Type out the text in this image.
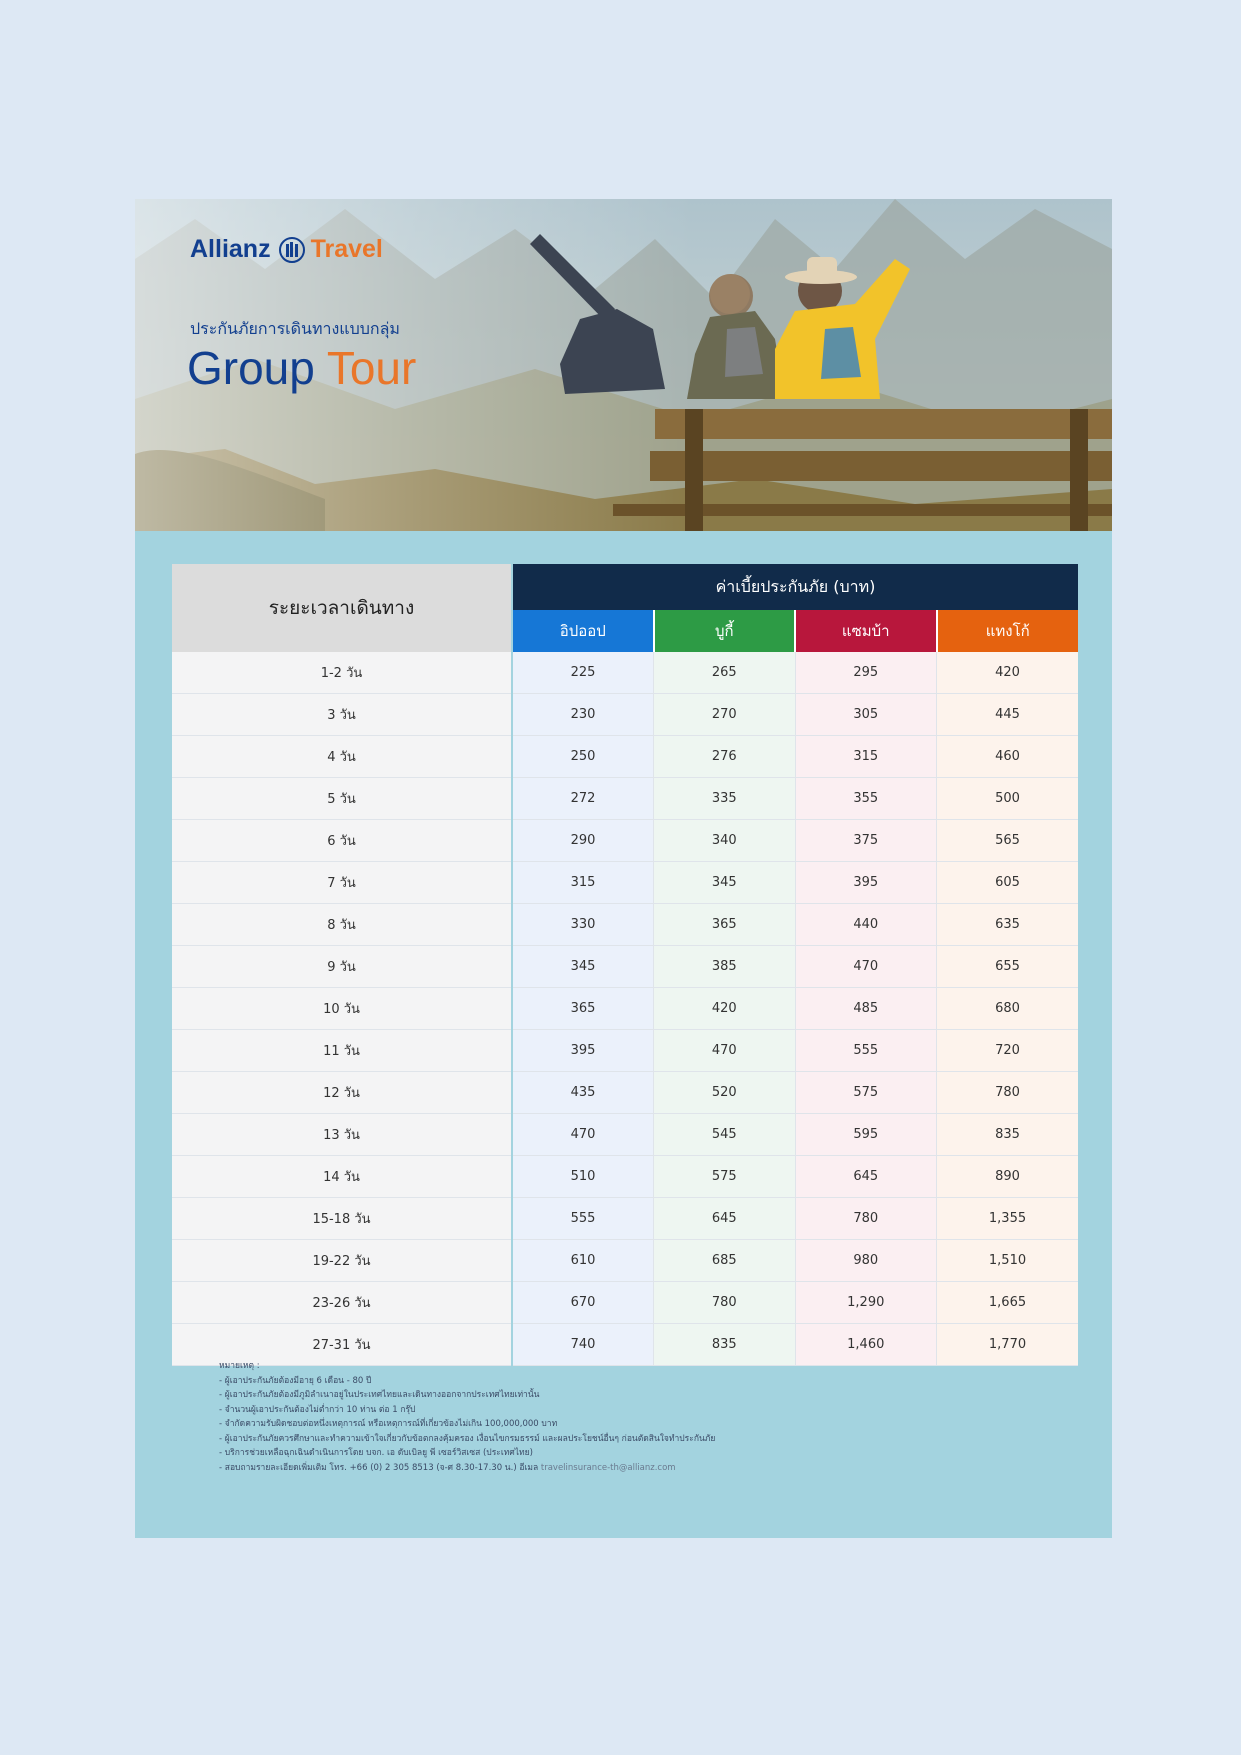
Allianz Travel
ประกันภัยการเดินทางแบบกลุ่ม
Group Tour
ระยะเวลาเดินทาง	ค่าเบี้ยประกันภัย (บาท)			
	อิปออป	บูกี้	แซมบ้า	แทงโก้
1-2 วัน	225	265	295	420
3 วัน	230	270	305	445
4 วัน	250	276	315	460
5 วัน	272	335	355	500
6 วัน	290	340	375	565
7 วัน	315	345	395	605
8 วัน	330	365	440	635
9 วัน	345	385	470	655
10 วัน	365	420	485	680
11 วัน	395	470	555	720
12 วัน	435	520	575	780
13 วัน	470	545	595	835
14 วัน	510	575	645	890
15-18 วัน	555	645	780	1,355
19-22 วัน	610	685	980	1,510
23-26 วัน	670	780	1,290	1,665
27-31 วัน	740	835	1,460	1,770
หมายเหตุ :
- ผู้เอาประกันภัยต้องมีอายุ 6 เดือน - 80 ปี
- ผู้เอาประกันภัยต้องมีภูมิลำเนาอยู่ในประเทศไทยและเดินทางออกจากประเทศไทยเท่านั้น
- จำนวนผู้เอาประกันต้องไม่ต่ำกว่า 10 ท่าน ต่อ 1 กรุ๊ป
- จำกัดความรับผิดชอบต่อหนึ่งเหตุการณ์ หรือเหตุการณ์ที่เกี่ยวข้องไม่เกิน 100,000,000 บาท
- ผู้เอาประกันภัยควรศึกษาและทำความเข้าใจเกี่ยวกับข้อตกลงคุ้มครอง เงื่อนไขกรมธรรม์ และผลประโยชน์อื่นๆ ก่อนตัดสินใจทำประกันภัย
- บริการช่วยเหลือฉุกเฉินดำเนินการโดย บจก. เอ ดับเบิลยู พี เซอร์วิสเซส (ประเทศไทย)
- สอบถามรายละเอียดเพิ่มเติม โทร. +66 (0) 2 305 8513 (จ-ศ 8.30-17.30 น.) อีเมล travelinsurance-th@allianz.com
